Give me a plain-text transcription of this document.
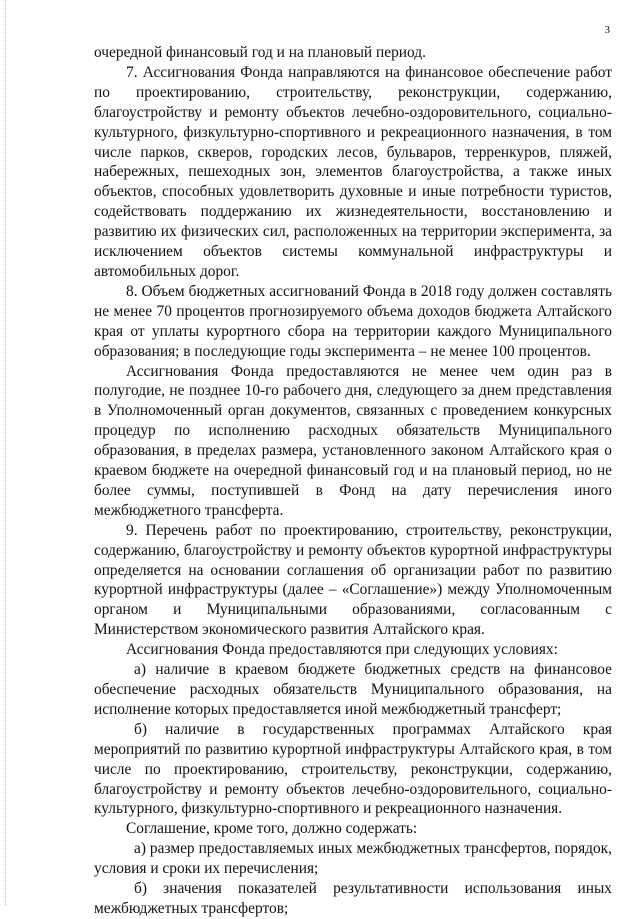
3

очередной финансовый год и на плановый период.

7. Ассигнования Фонда направляются на финансовое обеспечение работ по проектированию, строительству, реконструкции, содержанию, благоустройству и ремонту объектов лечебно-оздоровительного, социально-культурного, физкультурно-спортивного и рекреационного назначения, в том числе парков, скверов, городских лесов, бульваров, терренкуров, пляжей, набережных, пешеходных зон, элементов благоустройства, а также иных объектов, способных удовлетворить духовные и иные потребности туристов, содействовать поддержанию их жизнедеятельности, восстановлению и развитию их физических сил, расположенных на территории эксперимента, за исключением объектов системы коммунальной инфраструктуры и автомобильных дорог.

8. Объем бюджетных ассигнований Фонда в 2018 году должен составлять не менее 70 процентов прогнозируемого объема доходов бюджета Алтайского края от уплаты курортного сбора на территории каждого Муниципального образования; в последующие годы эксперимента – не менее 100 процентов.

Ассигнования Фонда предоставляются не менее чем один раз в полугодие, не позднее 10-го рабочего дня, следующего за днем представления в Уполномоченный орган документов, связанных с проведением конкурсных процедур по исполнению расходных обязательств Муниципального образования, в пределах размера, установленного законом Алтайского края о краевом бюджете на очередной финансовый год и на плановый период, но не более суммы, поступившей в Фонд на дату перечисления иного межбюджетного трансферта.

9. Перечень работ по проектированию, строительству, реконструкции, содержанию, благоустройству и ремонту объектов курортной инфраструктуры определяется на основании соглашения об организации работ по развитию курортной инфраструктуры (далее – «Соглашение») между Уполномоченным органом и Муниципальными образованиями, согласованным с Министерством экономического развития Алтайского края.

Ассигнования Фонда предоставляются при следующих условиях:

а) наличие в краевом бюджете бюджетных средств на финансовое обеспечение расходных обязательств Муниципального образования, на исполнение которых предоставляется иной межбюджетный трансферт;

б) наличие в государственных программах Алтайского края мероприятий по развитию курортной инфраструктуры Алтайского края, в том числе по проектированию, строительству, реконструкции, содержанию, благоустройству и ремонту объектов лечебно-оздоровительного, социально-культурного, физкультурно-спортивного и рекреационного назначения.

Соглашение, кроме того, должно содержать:

а) размер предоставляемых иных межбюджетных трансфертов, порядок, условия и сроки их перечисления;

б) значения показателей результативности использования иных межбюджетных трансфертов;
